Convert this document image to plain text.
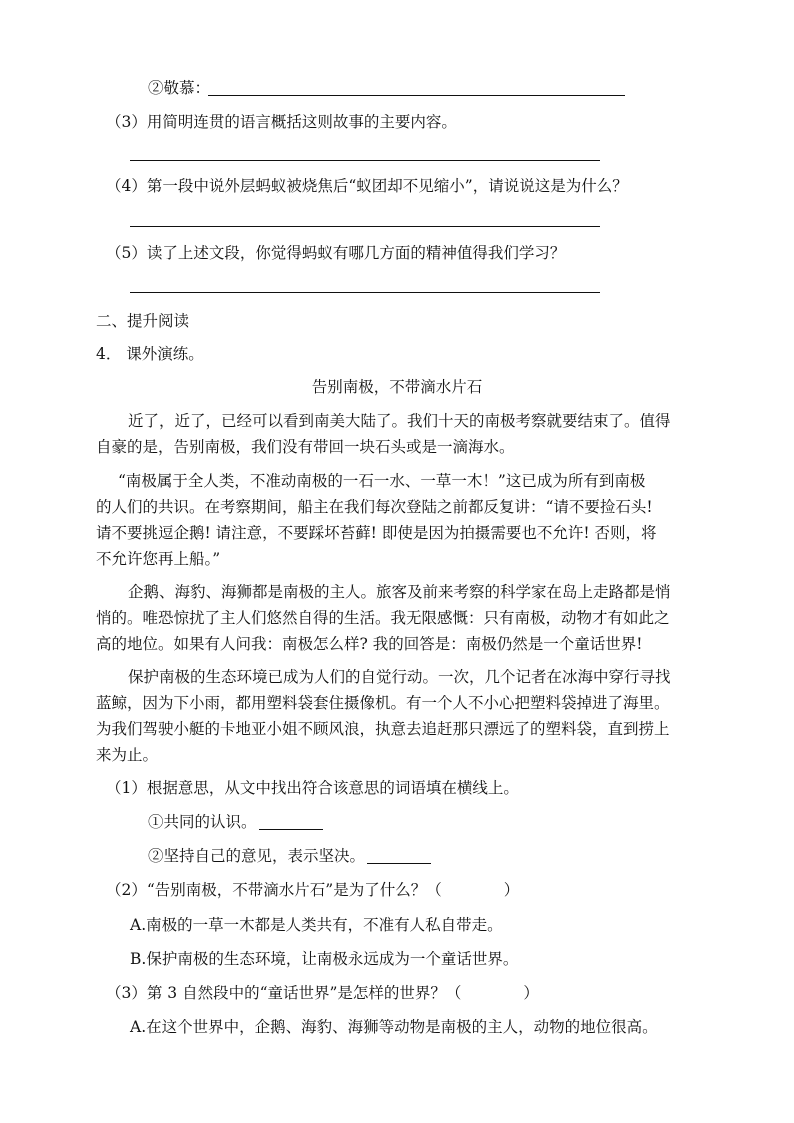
②敬慕：
（3）用简明连贯的语言概括这则故事的主要内容。
（4）第一段中说外层蚂蚁被烧焦后“蚁团却不见缩小”，请说说这是为什么？
（5）读了上述文段，你觉得蚂蚁有哪几方面的精神值得我们学习？
二、提升阅读
4． 课外演练。
告别南极，不带滴水片石
近了，近了，已经可以看到南美大陆了。我们十天的南极考察就要结束了。值得
自豪的是，告别南极，我们没有带回一块石头或是一滴海水。
“南极属于全人类，不准动南极的一石一水、一草一木！”这已成为所有到南极
的人们的共识。在考察期间，船主在我们每次登陆之前都反复讲：“请不要捡石头!
请不要挑逗企鹅! 请注意，不要踩坏苔藓! 即使是因为拍摄需要也不允许! 否则，将
不允许您再上船。”
企鹅、海豹、海狮都是南极的主人。旅客及前来考察的科学家在岛上走路都是悄
悄的。唯恐惊扰了主人们悠然自得的生活。我无限感慨：只有南极，动物才有如此之
高的地位。如果有人问我：南极怎么样? 我的回答是：南极仍然是一个童话世界!
保护南极的生态环境已成为人们的自觉行动。一次，几个记者在冰海中穿行寻找
蓝鲸，因为下小雨，都用塑料袋套住摄像机。有一个人不小心把塑料袋掉进了海里。
为我们驾驶小艇的卡地亚小姐不顾风浪，执意去追赶那只漂远了的塑料袋，直到捞上
来为止。
（1）根据意思，从文中找出符合该意思的词语填在横线上。
①共同的认识。
②坚持自己的意见，表示坚决。
（2）“告别南极，不带滴水片石”是为了什么？（　　　　）
A.南极的一草一木都是人类共有，不准有人私自带走。
B.保护南极的生态环境，让南极永远成为一个童话世界。
（3）第 3 自然段中的“童话世界”是怎样的世界？（　　　　）
A.在这个世界中，企鹅、海豹、海狮等动物是南极的主人，动物的地位很高。
